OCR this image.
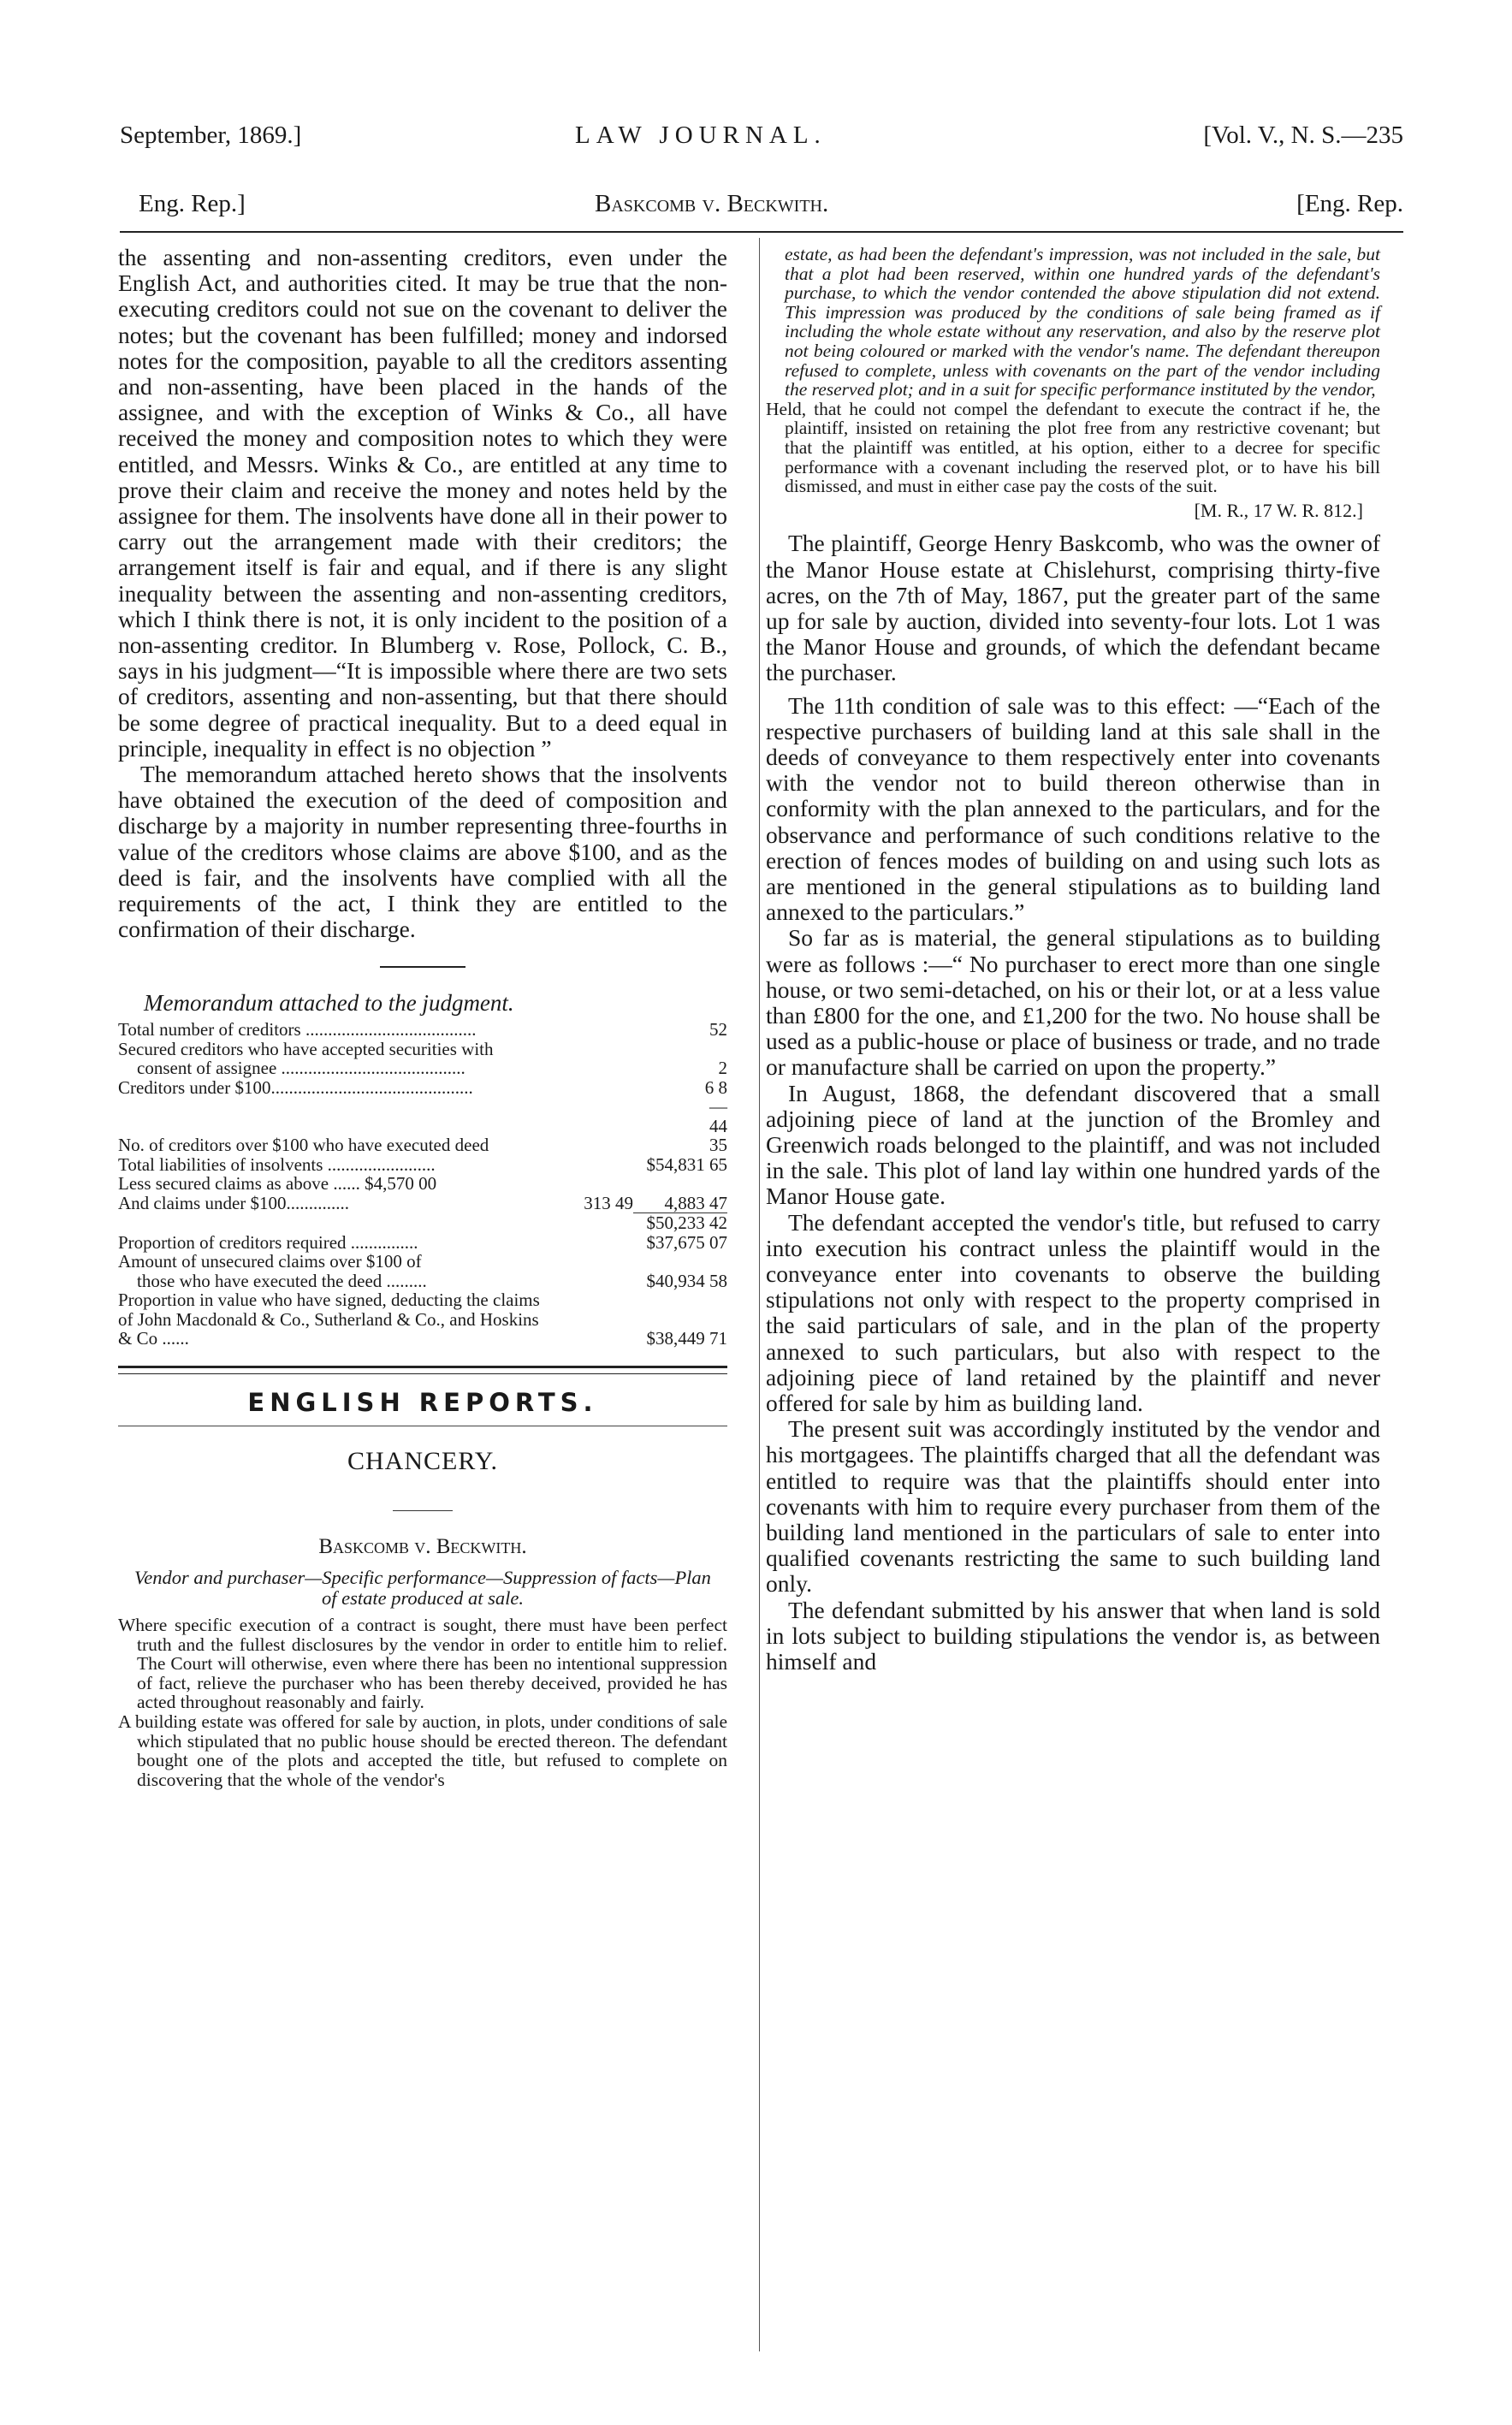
September, 1869.]	LAW JOURNAL.	[Vol. V., N. S.—235
Eng. Rep.]	Baskcomb v. Beckwith.	[Eng. Rep.

the assenting and non-assenting creditors, even under the English Act, and authorities cited. It may be true that the non-executing creditors could not sue on the covenant to deliver the notes; but the covenant has been fulfilled; money and indorsed notes for the composition, payable to all the creditors assenting and non-assenting, have been placed in the hands of the assignee, and with the exception of Winks & Co., all have received the money and composition notes to which they were entitled, and Messrs. Winks & Co., are entitled at any time to prove their claim and receive the money and notes held by the assignee for them. The insolvents have done all in their power to carry out the arrangement made with their creditors; the arrangement itself is fair and equal, and if there is any slight inequality between the assenting and non-assenting creditors, which I think there is not, it is only incident to the position of a non-assenting creditor. In Blumberg v. Rose, Pollock, C. B., says in his judgment—“It is impossible where there are two sets of creditors, assenting and non-assenting, but that there should be some degree of practical inequality. But to a deed equal in principle, inequality in effect is no objection ”

The memorandum attached hereto shows that the insolvents have obtained the execution of the deed of composition and discharge by a majority in number representing three-fourths in value of the creditors whose claims are above $100, and as the deed is fair, and the insolvents have complied with all the requirements of the act, I think they are entitled to the confirmation of their discharge.

Memorandum attached to the judgment.
Total number of creditors ......................................		52
Secured creditors who have accepted securities with		
consent of assignee .........................................		2
Creditors under $100.............................................		6 8
		—
		44
No. of creditors over $100 who have executed deed		35
Total liabilities of insolvents ........................		$54,831 65
Less secured claims as above ...... $4,570 00		
And claims under $100..............	313 49	4,883 47
		$50,233 42
Proportion of creditors required ...............		$37,675 07
Amount of unsecured claims over $100 of		
those who have executed the deed .........		$40,934 58
Proportion in value who have signed, deducting the claims of John Macdonald & Co., Sutherland & Co., and Hoskins & Co ......		$38,449 71
ENGLISH REPORTS.
CHANCERY.
Baskcomb v. Beckwith.
Vendor and purchaser—Specific performance—Suppression of facts—Plan of estate produced at sale.

Where specific execution of a contract is sought, there must have been perfect truth and the fullest disclosures by the vendor in order to entitle him to relief. The Court will otherwise, even where there has been no intentional suppression of fact, relieve the purchaser who has been thereby deceived, provided he has acted throughout reasonably and fairly.

A building estate was offered for sale by auction, in plots, under conditions of sale which stipulated that no public house should be erected thereon. The defendant bought one of the plots and accepted the title, but refused to complete on discovering that the whole of the vendor's

estate, as had been the defendant's impression, was not included in the sale, but that a plot had been reserved, within one hundred yards of the defendant's purchase, to which the vendor contended the above stipulation did not extend. This impression was produced by the conditions of sale being framed as if including the whole estate without any reservation, and also by the reserve plot not being coloured or marked with the vendor's name. The defendant thereupon refused to complete, unless with covenants on the part of the vendor including the reserved plot; and in a suit for specific performance instituted by the vendor,

Held, that he could not compel the defendant to execute the contract if he, the plaintiff, insisted on retaining the plot free from any restrictive covenant; but that the plaintiff was entitled, at his option, either to a decree for specific performance with a covenant including the reserved plot, or to have his bill dismissed, and must in either case pay the costs of the suit.

[M. R., 17 W. R. 812.]

The plaintiff, George Henry Baskcomb, who was the owner of the Manor House estate at Chislehurst, comprising thirty-five acres, on the 7th of May, 1867, put the greater part of the same up for sale by auction, divided into seventy-four lots. Lot 1 was the Manor House and grounds, of which the defendant became the purchaser.

The 11th condition of sale was to this effect: —“Each of the respective purchasers of building land at this sale shall in the deeds of conveyance to them respectively enter into covenants with the vendor not to build thereon otherwise than in conformity with the plan annexed to the particulars, and for the observance and performance of such conditions relative to the erection of fences modes of building on and using such lots as are mentioned in the general stipulations as to building land annexed to the particulars.”

So far as is material, the general stipulations as to building were as follows :—“ No purchaser to erect more than one single house, or two semi-detached, on his or their lot, or at a less value than £800 for the one, and £1,200 for the two. No house shall be used as a public-house or place of business or trade, and no trade or manufacture shall be carried on upon the property.”

In August, 1868, the defendant discovered that a small adjoining piece of land at the junction of the Bromley and Greenwich roads belonged to the plaintiff, and was not included in the sale. This plot of land lay within one hundred yards of the Manor House gate.

The defendant accepted the vendor's title, but refused to carry into execution his contract unless the plaintiff would in the conveyance enter into covenants to observe the building stipulations not only with respect to the property comprised in the said particulars of sale, and in the plan of the property annexed to such particulars, but also with respect to the adjoining piece of land retained by the plaintiff and never offered for sale by him as building land.

The present suit was accordingly instituted by the vendor and his mortgagees. The plaintiffs charged that all the defendant was entitled to require was that the plaintiffs should enter into covenants with him to require every purchaser from them of the building land mentioned in the particulars of sale to enter into qualified covenants restricting the same to such building land only.

The defendant submitted by his answer that when land is sold in lots subject to building stipulations the vendor is, as between himself and
